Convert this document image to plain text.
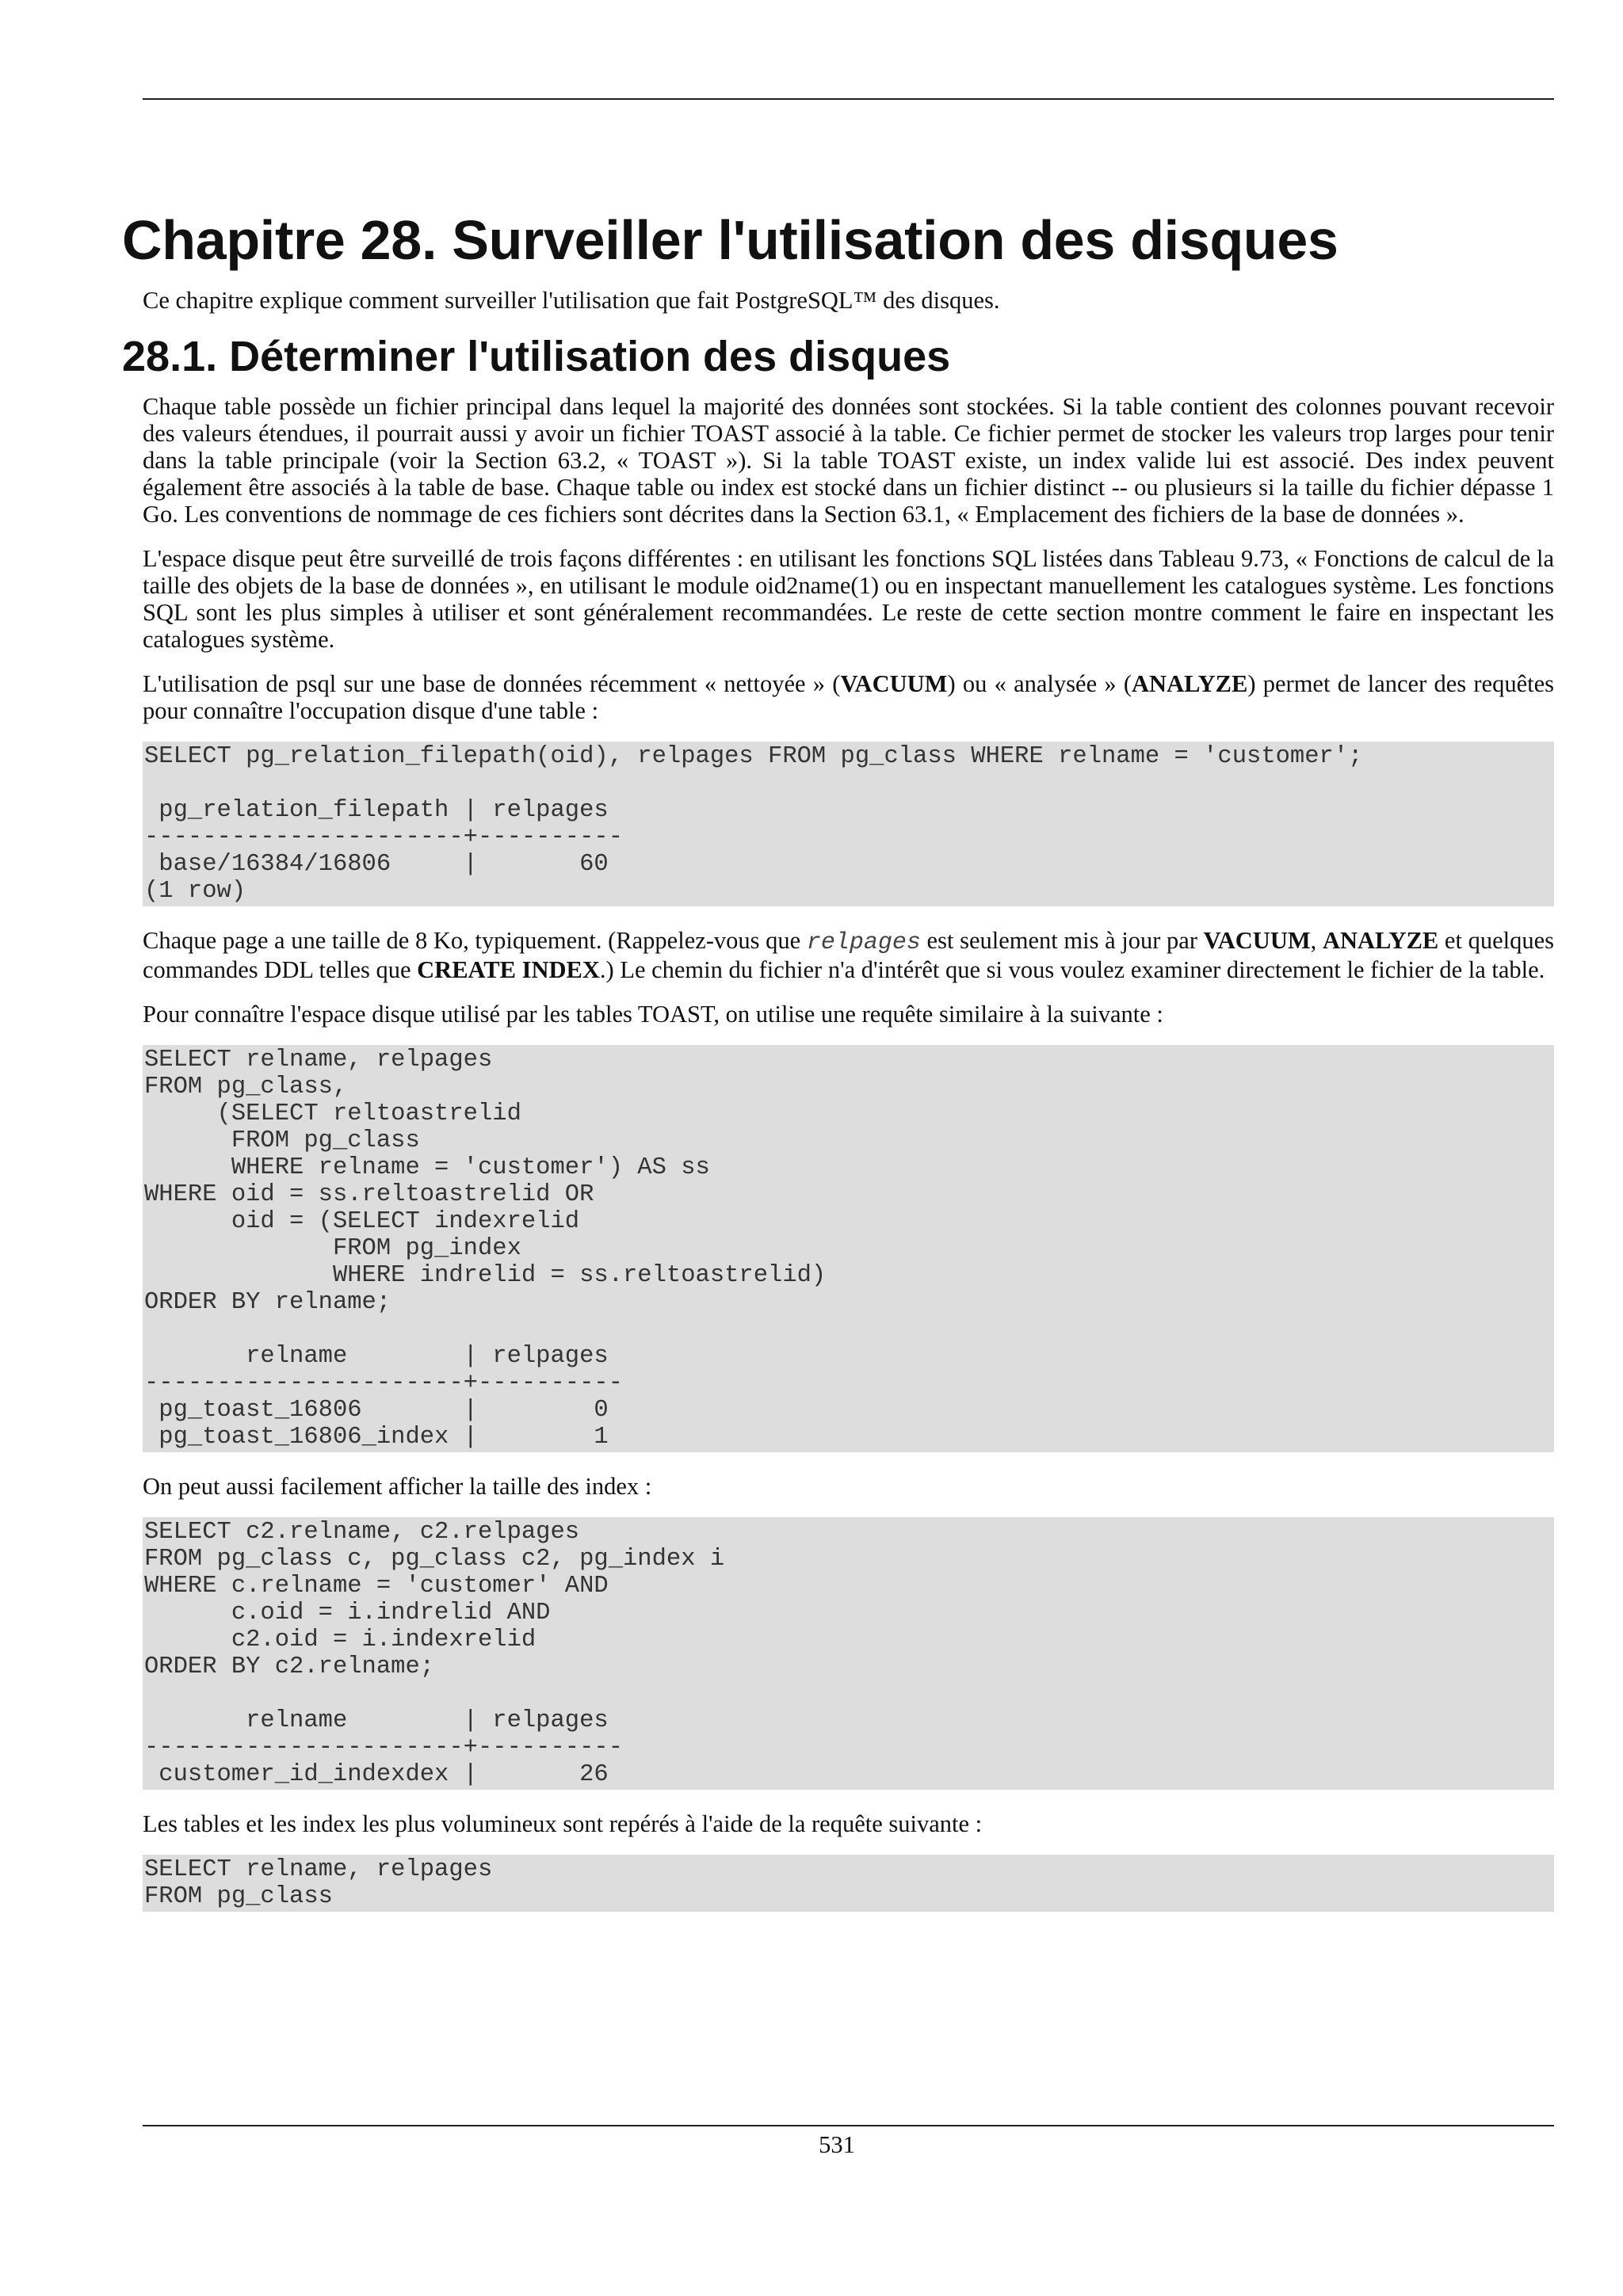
Chapitre 28. Surveiller l'utilisation des disques

Ce chapitre explique comment surveiller l'utilisation que fait PostgreSQL™ des disques.

28.1. Déterminer l'utilisation des disques

Chaque table possède un fichier principal dans lequel la majorité des données sont stockées. Si la table contient des colonnes pouvant recevoir des valeurs étendues, il pourrait aussi y avoir un fichier TOAST associé à la table. Ce fichier permet de stocker les valeurs trop larges pour tenir dans la table principale (voir la Section 63.2, « TOAST »). Si la table TOAST existe, un index valide lui est associé. Des index peuvent également être associés à la table de base. Chaque table ou index est stocké dans un fichier distinct -- ou plusieurs si la taille du fichier dépasse 1 Go. Les conventions de nommage de ces fichiers sont décrites dans la Section 63.1, « Emplacement des fichiers de la base de données ».

L'espace disque peut être surveillé de trois façons différentes : en utilisant les fonctions SQL listées dans Tableau 9.73, « Fonctions de calcul de la taille des objets de la base de données », en utilisant le module oid2name(1) ou en inspectant manuellement les catalogues système. Les fonctions SQL sont les plus simples à utiliser et sont généralement recommandées. Le reste de cette section montre comment le faire en inspectant les catalogues système.

L'utilisation de psql sur une base de données récemment « nettoyée » (VACUUM) ou « analysée » (ANALYZE) permet de lancer des requêtes pour connaître l'occupation disque d'une table :

SELECT pg_relation_filepath(oid), relpages FROM pg_class WHERE relname = 'customer';

pg_relation_filepath | relpages
----------------------+----------
base/16384/16806     |       60
(1 row)

Chaque page a une taille de 8 Ko, typiquement. (Rappelez-vous que relpages est seulement mis à jour par VACUUM, ANALYZE et quelques commandes DDL telles que CREATE INDEX.) Le chemin du fichier n'a d'intérêt que si vous voulez examiner directement le fichier de la table.

Pour connaître l'espace disque utilisé par les tables TOAST, on utilise une requête similaire à la suivante :

SELECT relname, relpages
FROM pg_class,
(SELECT reltoastrelid
FROM pg_class
WHERE relname = 'customer') AS ss
WHERE oid = ss.reltoastrelid OR
oid = (SELECT indexrelid
FROM pg_index
WHERE indrelid = ss.reltoastrelid)
ORDER BY relname;

relname        | relpages
----------------------+----------
pg_toast_16806       |        0
pg_toast_16806_index |        1

On peut aussi facilement afficher la taille des index :

SELECT c2.relname, c2.relpages
FROM pg_class c, pg_class c2, pg_index i
WHERE c.relname = 'customer' AND
c.oid = i.indrelid AND
c2.oid = i.indexrelid
ORDER BY c2.relname;

relname        | relpages
----------------------+----------
customer_id_indexdex |       26

Les tables et les index les plus volumineux sont repérés à l'aide de la requête suivante :

SELECT relname, relpages
FROM pg_class
531
